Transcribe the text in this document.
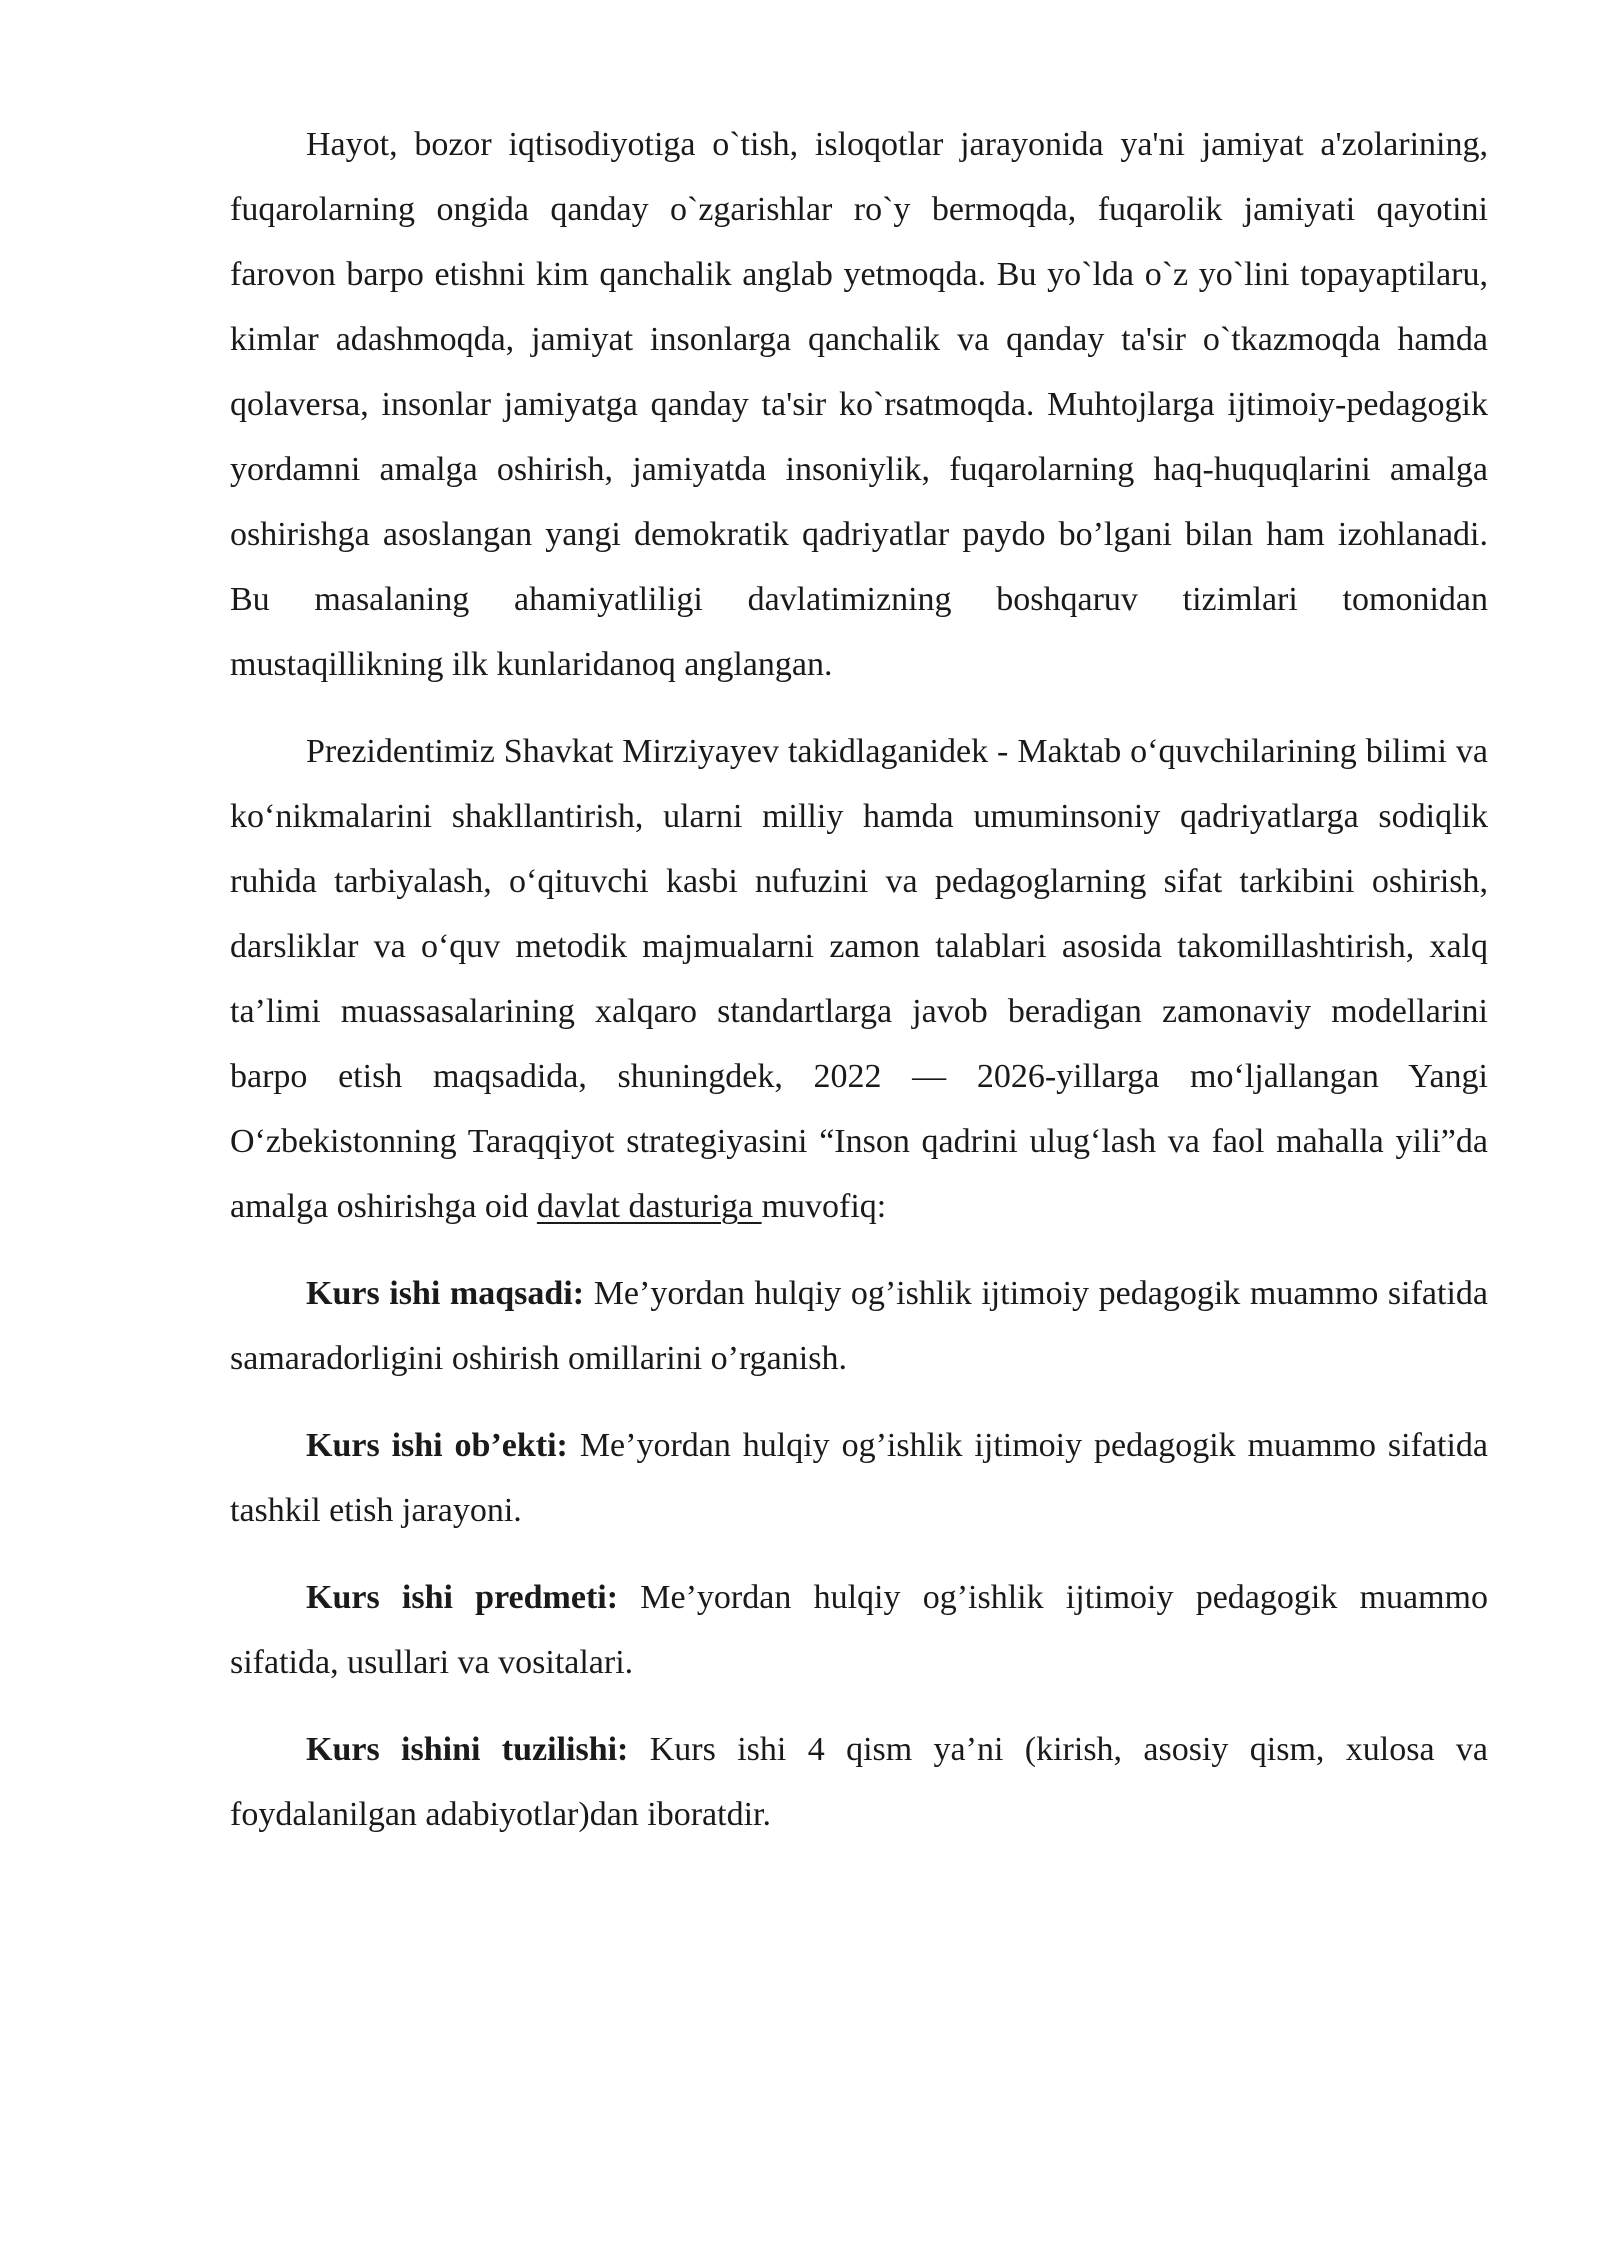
Hayot, bozor iqtisodiyotiga o`tish, isloqotlar jarayonida ya'ni jamiyat a'zolarining, fuqarolarning ongida qanday o`zgarishlar ro`y bermoqda, fuqarolik jamiyati qayotini farovon barpo etishni kim qanchalik anglab yetmoqda. Bu yo`lda o`z yo`lini topayaptilaru, kimlar adashmoqda, jamiyat insonlarga qanchalik va qanday ta'sir o`tkazmoqda hamda qolaversa, insonlar jamiyatga qanday ta'sir ko`rsatmoqda. Muhtojlarga ijtimoiy-pedagogik yordamni amalga oshirish, jamiyatda insoniylik, fuqarolarning haq-huquqlarini amalga oshirishga asoslangan yangi demokratik qadriyatlar paydo bo’lgani bilan ham izohlanadi. Bu masalaning ahamiyatliligi davlatimizning boshqaruv tizimlari tomonidan mustaqillikning ilk kunlaridanoq anglangan.

Prezidentimiz Shavkat Mirziyayev takidlaganidek - Maktab o‘quvchilarining bilimi va ko‘nikmalarini shakllantirish, ularni milliy hamda umuminsoniy qadriyatlarga sodiqlik ruhida tarbiyalash, o‘qituvchi kasbi nufuzini va pedagoglarning sifat tarkibini oshirish, darsliklar va o‘quv metodik majmualarni zamon talablari asosida takomillashtirish, xalq ta’limi muassasalarining xalqaro standartlarga javob beradigan zamonaviy modellarini barpo etish maqsadida, shuningdek, 2022 — 2026-yillarga mo‘ljallangan Yangi O‘zbekistonning Taraqqiyot strategiyasini “Inson qadrini ulug‘lash va faol mahalla yili”da amalga oshirishga oid davlat dasturiga muvofiq:

Kurs ishi maqsadi: Me’yordan hulqiy og’ishlik ijtimoiy pedagogik muammo sifatida samaradorligini oshirish omillarini o’rganish.

Kurs ishi ob’ekti: Me’yordan hulqiy og’ishlik ijtimoiy pedagogik muammo sifatida tashkil etish jarayoni.

Kurs ishi predmeti: Me’yordan hulqiy og’ishlik ijtimoiy pedagogik muammo sifatida, usullari va vositalari.

Kurs ishini tuzilishi: Kurs ishi 4 qism ya’ni (kirish, asosiy qism, xulosa va foydalanilgan adabiyotlar)dan iboratdir.
